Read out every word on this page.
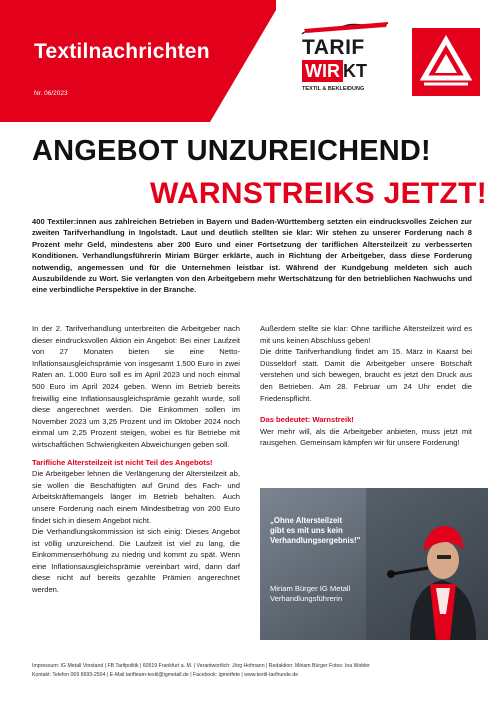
Textilnachrichten
Nr. 06/2023
TARIF
WIR KT
TEXTIL & BEKLEIDUNG
ANGEBOT UNZUREICHEND!
WARNSTREIKS JETZT!
400 Textiler:innen aus zahlreichen Betrieben in Bayern und Baden-Württemberg setzten ein eindrucksvolles Zeichen zur zweiten Tarifverhandlung in Ingolstadt. Laut und deutlich stellten sie klar: Wir stehen zu unserer Forderung nach 8 Prozent mehr Geld, mindestens aber 200 Euro und einer Fortsetzung der tariflichen Altersteilzeit zu verbesserten Konditionen. Verhandlungsführerin Miriam Bürger erklärte, auch in Richtung der Arbeitgeber, dass diese Forderung notwendig, angemessen und für die Unternehmen leistbar ist. Während der Kundgebung meldeten sich auch Auszubildende zu Wort. Sie verlangten von den Arbeitgebern mehr Wertschätzung für den betrieblichen Nachwuchs und eine verbindliche Perspektive in der Branche.

In der 2. Tarifverhandlung unterbreiten die Arbeitgeber nach dieser eindrucksvollen Aktion ein Angebot: Bei einer Laufzeit von 27 Monaten bieten sie eine Netto-Inflationsausgleichsprämie von insgesamt 1.500 Euro in zwei Raten an. 1.000 Euro soll es im April 2023 und noch einmal 500 Euro im April 2024 geben. Wenn im Betrieb bereits freiwillig eine Inflationsausgleichsprämie gezahlt wurde, soll diese angerechnet werden. Die Einkommen sollen im November 2023 um 3,25 Prozent und im Oktober 2024 noch einmal um 2,25 Prozent steigen, wobei es für Betriebe mit wirtschaftlichen Schwierigkeiten Abweichungen geben soll.

Tarifliche Altersteilzeit ist nicht Teil des Angebots!

Die Arbeitgeber lehnen die Verlängerung der Altersteilzeit ab, sie wollen die Beschäftigten auf Grund des Fach- und Arbeitskräftemangels länger im Betrieb behalten. Auch unsere Forderung nach einem Mindestbetrag von 200 Euro findet sich in diesem Angebot nicht.

Die Verhandlungskommission ist sich einig: Dieses Angebot ist völlig unzureichend. Die Laufzeit ist viel zu lang, die Einkommenserhöhung zu niedrig und kommt zu spät. Wenn eine Inflationsausgleichsprämie vereinbart wird, dann darf diese nicht auf bereits gezahlte Prämien angerechnet werden.

Außerdem stellte sie klar: Ohne tarifliche Altersteilzeit wird es mit uns keinen Abschluss geben!

Die dritte Tarifverhandlung findet am 15. März in Kaarst bei Düsseldorf statt. Damit die Arbeitgeber unsere Botschaft verstehen und sich bewegen, braucht es jetzt den Druck aus den Betrieben. Am 28. Februar um 24 Uhr endet die Friedenspflicht.

Das bedeutet: Warnstreik!

Wer mehr will, als die Arbeitgeber anbieten, muss jetzt mit rausgehen. Gemeinsam kämpfen wir für unsere Forderung!

„Ohne Altersteilzeit gibt es mit uns kein Verhandlungsergebnis!"
Miriam Bürger IG Metall Verhandlungsführerin
Impressum: IG Metall Vorstand | FB Tarifpolitik | 60519 Frankfurt a. M. | Verantwortlich: Jörg Hofmann | Redaktion: Miriam Bürger Fotos: Ina Wobler
Kontakt: Telefon 069 6693-2504 | E-Mail tarifteam-textil@igmetall.de | Facebook: igmetfete | www.textil-tarifrunde.de
